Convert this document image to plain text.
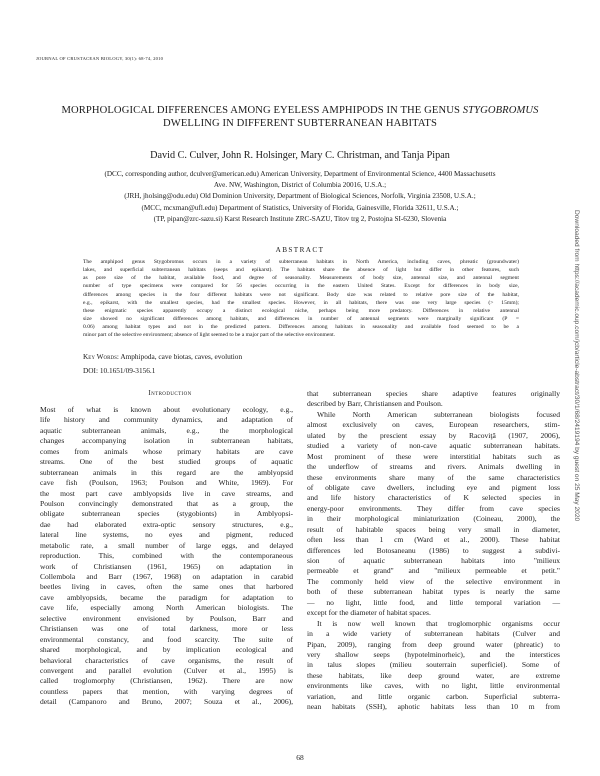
JOURNAL OF CRUSTACEAN BIOLOGY, 30(1): 68-74, 2010
MORPHOLOGICAL DIFFERENCES AMONG EYELESS AMPHIPODS IN THE GENUS STYGOBROMUS
DWELLING IN DIFFERENT SUBTERRANEAN HABITATS
David C. Culver, John R. Holsinger, Mary C. Christman, and Tanja Pipan
(DCC, corresponding author, dculver@american.edu) American University, Department of Environmental Science, 4400 Massachusetts
Ave. NW, Washington, District of Columbia 20016, U.S.A.;
(JRH, jholsing@odu.edu) Old Dominion University, Department of Biological Sciences, Norfolk, Virginia 23508, U.S.A.;
(MCC, mcxman@ufl.edu) Department of Statistics, University of Florida, Gainesville, Florida 32611, U.S.A.;
(TP, pipan@zrc-sazu.si) Karst Research Institute ZRC-SAZU, Titov trg 2, Postojna SI-6230, Slovenia
ABSTRACT
The amphipod genus Stygobromus occurs in a variety of subterranean habitats in North America, including caves, phreatic (groundwater)
lakes, and superficial subterranean habitats (seeps and epikarst). The habitats share the absence of light but differ in other features, such
as pore size of the habitat, available food, and degree of seasonality. Measurements of body size, antennal size, and antennal segment
number of type specimens were compared for 56 species occurring in the eastern United States. Except for differences in body size,
differences among species in the four different habitats were not significant. Body size was related to relative pore size of the habitat,
e.g., epikarst, with the smallest species, had the smallest species. However, in all habitats, there was one very large species (> 15mm);
these enigmatic species apparently occupy a distinct ecological niche, perhaps being more predatory. Differences in relative antennal
size showed no significant differences among habitats, and differences in number of antennal segments were marginally significant (P =
0.06) among habitat types and not in the predicted pattern. Differences among habitats in seasonality and available food seemed to be a
minor part of the selective environment; absence of light seemed to be a major part of the selective environment.
Key Words: Amphipoda, cave biotas, caves, evolution
DOI: 10.1651/09-3156.1
Introduction
Most of what is known about evolutionary ecology, e.g.,
life history and community dynamics, and adaptation of
aquatic subterranean animals, e.g., the morphological
changes accompanying isolation in subterranean habitats,
comes from animals whose primary habitats are cave
streams. One of the best studied groups of aquatic
subterranean animals in this regard are the amblyopsid
cave fish (Poulson, 1963; Poulson and White, 1969). For
the most part cave amblyopsids live in cave streams, and
Poulson convincingly demonstrated that as a group, the
obligate subterranean species (stygobionts) in Amblyopsi-
dae had elaborated extra-optic sensory structures, e.g.,
lateral line systems, no eyes and pigment, reduced
metabolic rate, a small number of large eggs, and delayed
reproduction. This, combined with the contemporaneous
work of Christiansen (1961, 1965) on adaptation in
Collembola and Barr (1967, 1968) on adaptation in carabid
beetles living in caves, often the same ones that harbored
cave amblyopsids, became the paradigm for adaptation to
cave life, especially among North American biologists. The
selective environment envisioned by Poulson, Barr and
Christiansen was one of total darkness, more or less
environmental constancy, and food scarcity. The suite of
shared morphological, and by implication ecological and
behavioral characteristics of cave organisms, the result of
convergent and parallel evolution (Culver et al., 1995) is
called troglomorphy (Christiansen, 1962). There are now
countless papers that mention, with varying degrees of
detail (Campanoro and Bruno, 2007; Souza et al., 2006),
that subterranean species share adaptive features originally
described by Barr, Christiansen and Poulson.
While North American subterranean biologists focused
almost exclusively on caves, European researchers, stim-
ulated by the prescient essay by Racoviţă (1907, 2006),
studied a variety of non-cave aquatic subterranean habitats.
Most prominent of these were interstitial habitats such as
the underflow of streams and rivers. Animals dwelling in
these environments share many of the same characteristics
of obligate cave dwellers, including eye and pigment loss
and life history characteristics of K selected species in
energy-poor environments. They differ from cave species
in their morphological miniaturization (Coineau, 2000), the
result of habitable spaces being very small in diameter,
often less than 1 cm (Ward et al., 2000). These habitat
differences led Botosaneanu (1986) to suggest a subdivi-
sion of aquatic subterranean habitats into "milieux
permeable et grand" and "milieux permeable et petit."
The commonly held view of the selective environment in
both of these subterranean habitat types is nearly the same
— no light, little food, and little temporal variation —
except for the diameter of habitat spaces.
It is now well known that troglomorphic organisms occur
in a wide variety of subterranean habitats (Culver and
Pipan, 2009), ranging from deep ground water (phreatic) to
very shallow seeps (hypotelminorheic), and the interstices
in talus slopes (milieu souterrain superficiel). Some of
these habitats, like deep ground water, are extreme
environments like caves, with no light, little environmental
variation, and little organic carbon. Superficial subterra-
nean habitats (SSH), aphotic habitats less than 10 m from
68
Downloaded from https://academic.oup.com/jcb/article-abstract/30/1/68/2419194 by guest on 25 May 2020
